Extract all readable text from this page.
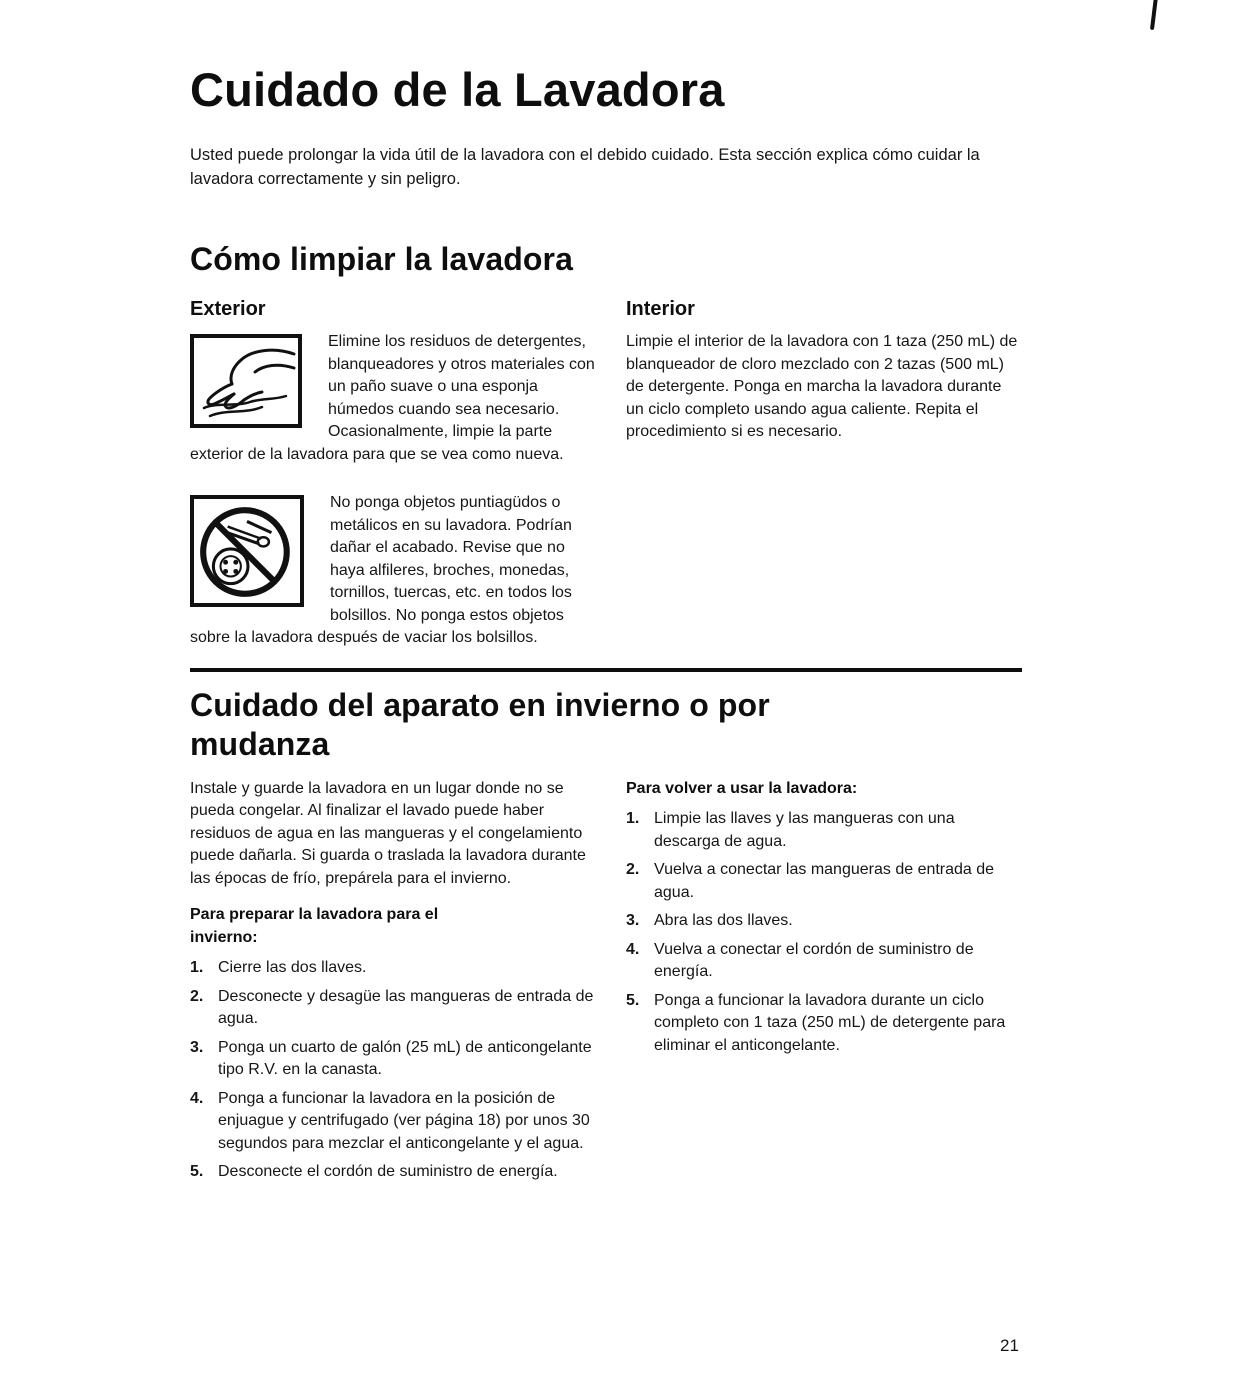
Cuidado de la Lavadora

Usted puede prolongar la vida útil de la lavadora con el debido cuidado. Esta sección explica cómo cuidar la lavadora correctamente y sin peligro.

Cómo limpiar la lavadora
Exterior
Elimine los residuos de detergentes, blanqueadores y otros materiales con un paño suave o una esponja húmedos cuando sea necesario. Ocasionalmente, limpie la parte exterior de la lavadora para que se vea como nueva.
No ponga objetos puntiagüdos o metálicos en su lavadora. Podrían dañar el acabado. Revise que no haya alfileres, broches, monedas, tornillos, tuercas, etc. en todos los bolsillos. No ponga estos objetos sobre la lavadora después de vaciar los bolsillos.
Interior

Limpie el interior de la lavadora con 1 taza (250 mL) de blanqueador de cloro mezclado con 2 tazas (500 mL) de detergente. Ponga en marcha la lavadora durante un ciclo completo usando agua caliente. Repita el procedimiento si es necesario.

Cuidado del aparato en invierno o por mudanza

Instale y guarde la lavadora en un lugar donde no se pueda congelar. Al finalizar el lavado puede haber residuos de agua en las mangueras y el congelamiento puede dañarla. Si guarda o traslada la lavadora durante las épocas de frío, prepárela para el invierno.

Para preparar la lavadora para el invierno:
1. Cierre las dos llaves.
2. Desconecte y desagüe las mangueras de entrada de agua.
3. Ponga un cuarto de galón (25 mL) de anticongelante tipo R.V. en la canasta.
4. Ponga a funcionar la lavadora en la posición de enjuague y centrifugado (ver página 18) por unos 30 segundos para mezclar el anticongelante y el agua.
5. Desconecte el cordón de suministro de energía.
Para volver a usar la lavadora:
1. Limpie las llaves y las mangueras con una descarga de agua.
2. Vuelva a conectar las mangueras de entrada de agua.
3. Abra las dos llaves.
4. Vuelva a conectar el cordón de suministro de energía.
5. Ponga a funcionar la lavadora durante un ciclo completo con 1 taza (250 mL) de detergente para eliminar el anticongelante.
21
